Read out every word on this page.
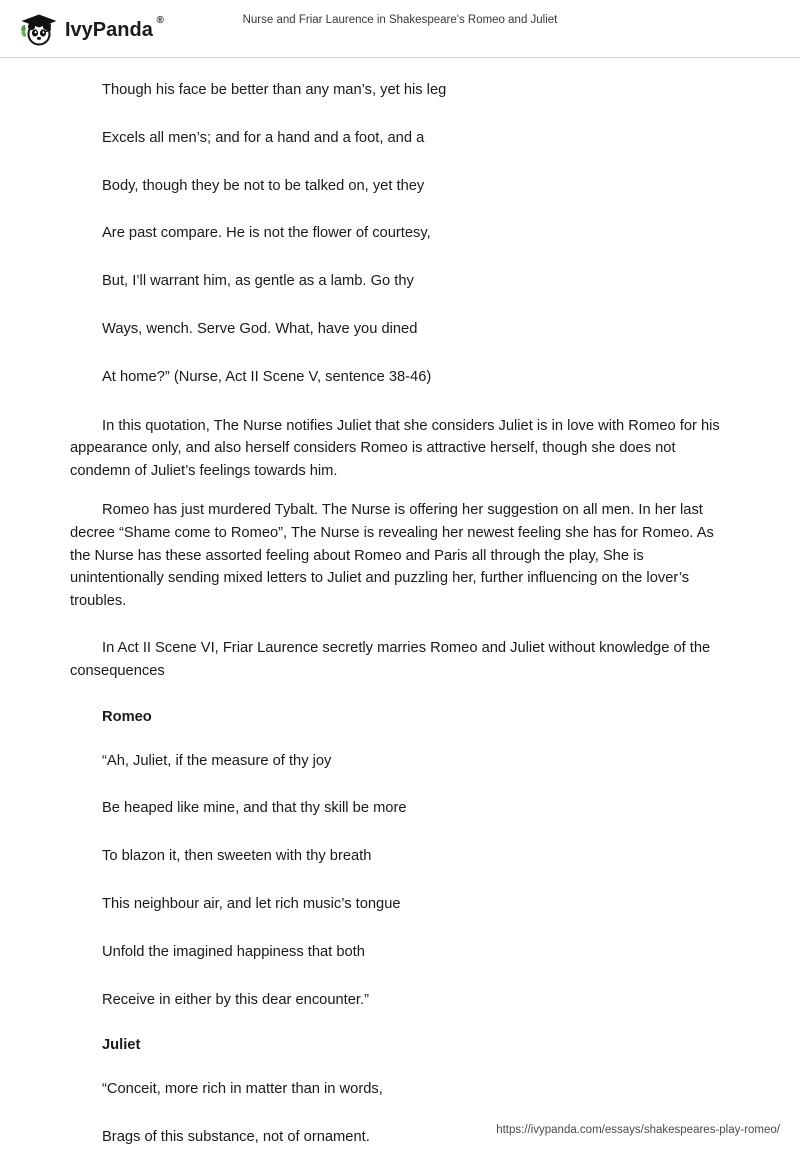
IvyPanda ®	Nurse and Friar Laurence in Shakespeare's Romeo and Juliet

Though his face be better than any man’s, yet his leg

Excels all men’s; and for a hand and a foot, and a

Body, though they be not to be talked on, yet they

Are past compare. He is not the flower of courtesy,

But, I’ll warrant him, as gentle as a lamb. Go thy

Ways, wench. Serve God. What, have you dined

At home?” (Nurse, Act II Scene V, sentence 38-46)

In this quotation, The Nurse notifies Juliet that she considers Juliet is in love with Romeo for his appearance only, and also herself considers Romeo is attractive herself, though she does not condemn of Juliet’s feelings towards him.

Romeo has just murdered Tybalt. The Nurse is offering her suggestion on all men. In her last decree “Shame come to Romeo”, The Nurse is revealing her newest feeling she has for Romeo. As the Nurse has these assorted feeling about Romeo and Paris all through the play, She is unintentionally sending mixed letters to Juliet and puzzling her, further influencing on the lover’s troubles.

In Act II Scene VI, Friar Laurence secretly marries Romeo and Juliet without knowledge of the consequences

Romeo

“Ah, Juliet, if the measure of thy joy

Be heaped like mine, and that thy skill be more

To blazon it, then sweeten with thy breath

This neighbour air, and let rich music’s tongue

Unfold the imagined happiness that both

Receive in either by this dear encounter.”

Juliet

“Conceit, more rich in matter than in words,

Brags of this substance, not of ornament.	https://ivypanda.com/essays/shakespeares-play-romeo/
